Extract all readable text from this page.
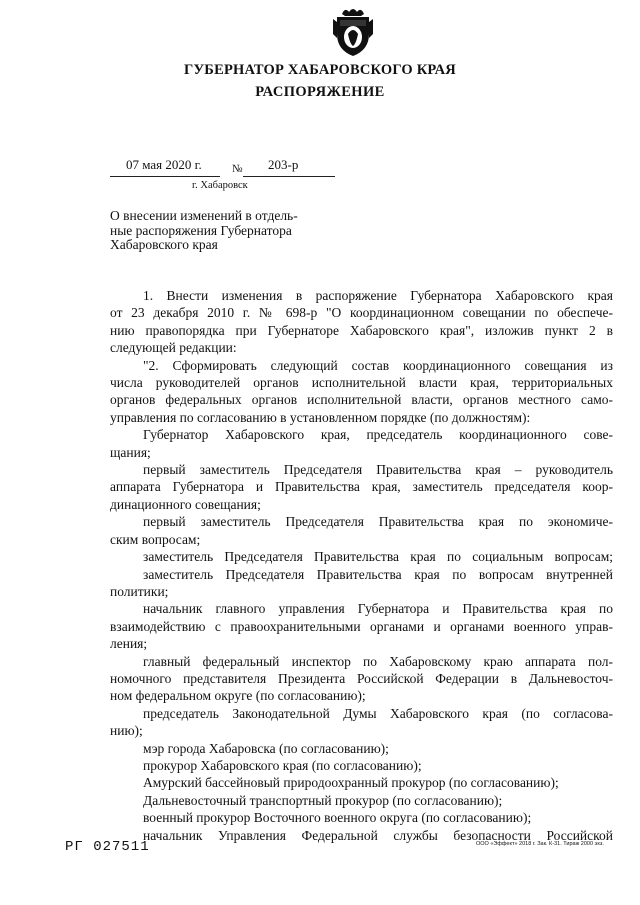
ГУБЕРНАТОР ХАБАРОВСКОГО КРАЯ
РАСПОРЯЖЕНИЕ
07 мая 2020 г.	№ 203-р
г. Хабаровск
О внесении изменений в отдель-
ные распоряжения Губернатора
Хабаровского края
1. Внести изменения в распоряжение Губернатора Хабаровского края
от 23 декабря 2010 г. № 698-р "О координационном совещании по обеспече-
нию правопорядка при Губернаторе Хабаровского края", изложив пункт 2 в
следующей редакции:
"2. Сформировать следующий состав координационного совещания из
числа руководителей органов исполнительной власти края, территориальных
органов федеральных органов исполнительной власти, органов местного само-
управления по согласованию в установленном порядке (по должностям):
Губернатор Хабаровского края, председатель координационного сове-
щания;
первый заместитель Председателя Правительства края – руководитель
аппарата Губернатора и Правительства края, заместитель председателя коор-
динационного совещания;
первый заместитель Председателя Правительства края по экономиче-
ским вопросам;
заместитель Председателя Правительства края по социальным вопросам;
заместитель Председателя Правительства края по вопросам внутренней
политики;
начальник главного управления Губернатора и Правительства края по
взаимодействию с правоохранительными органами и органами военного управ-
ления;
главный федеральный инспектор по Хабаровскому краю аппарата пол-
номочного представителя Президента Российской Федерации в Дальневосточ-
ном федеральном округе (по согласованию);
председатель Законодательной Думы Хабаровского края (по согласова-
нию);
мэр города Хабаровска (по согласованию);
прокурор Хабаровского края (по согласованию);
Амурский бассейновый природоохранный прокурор (по согласованию);
Дальневосточный транспортный прокурор (по согласованию);
военный прокурор Восточного военного округа (по согласованию);
начальник Управления Федеральной службы безопасности Российской
РГ 027511	ООО «Эффект» 2018 г. Зак. К-31. Тираж 2000 экз.
